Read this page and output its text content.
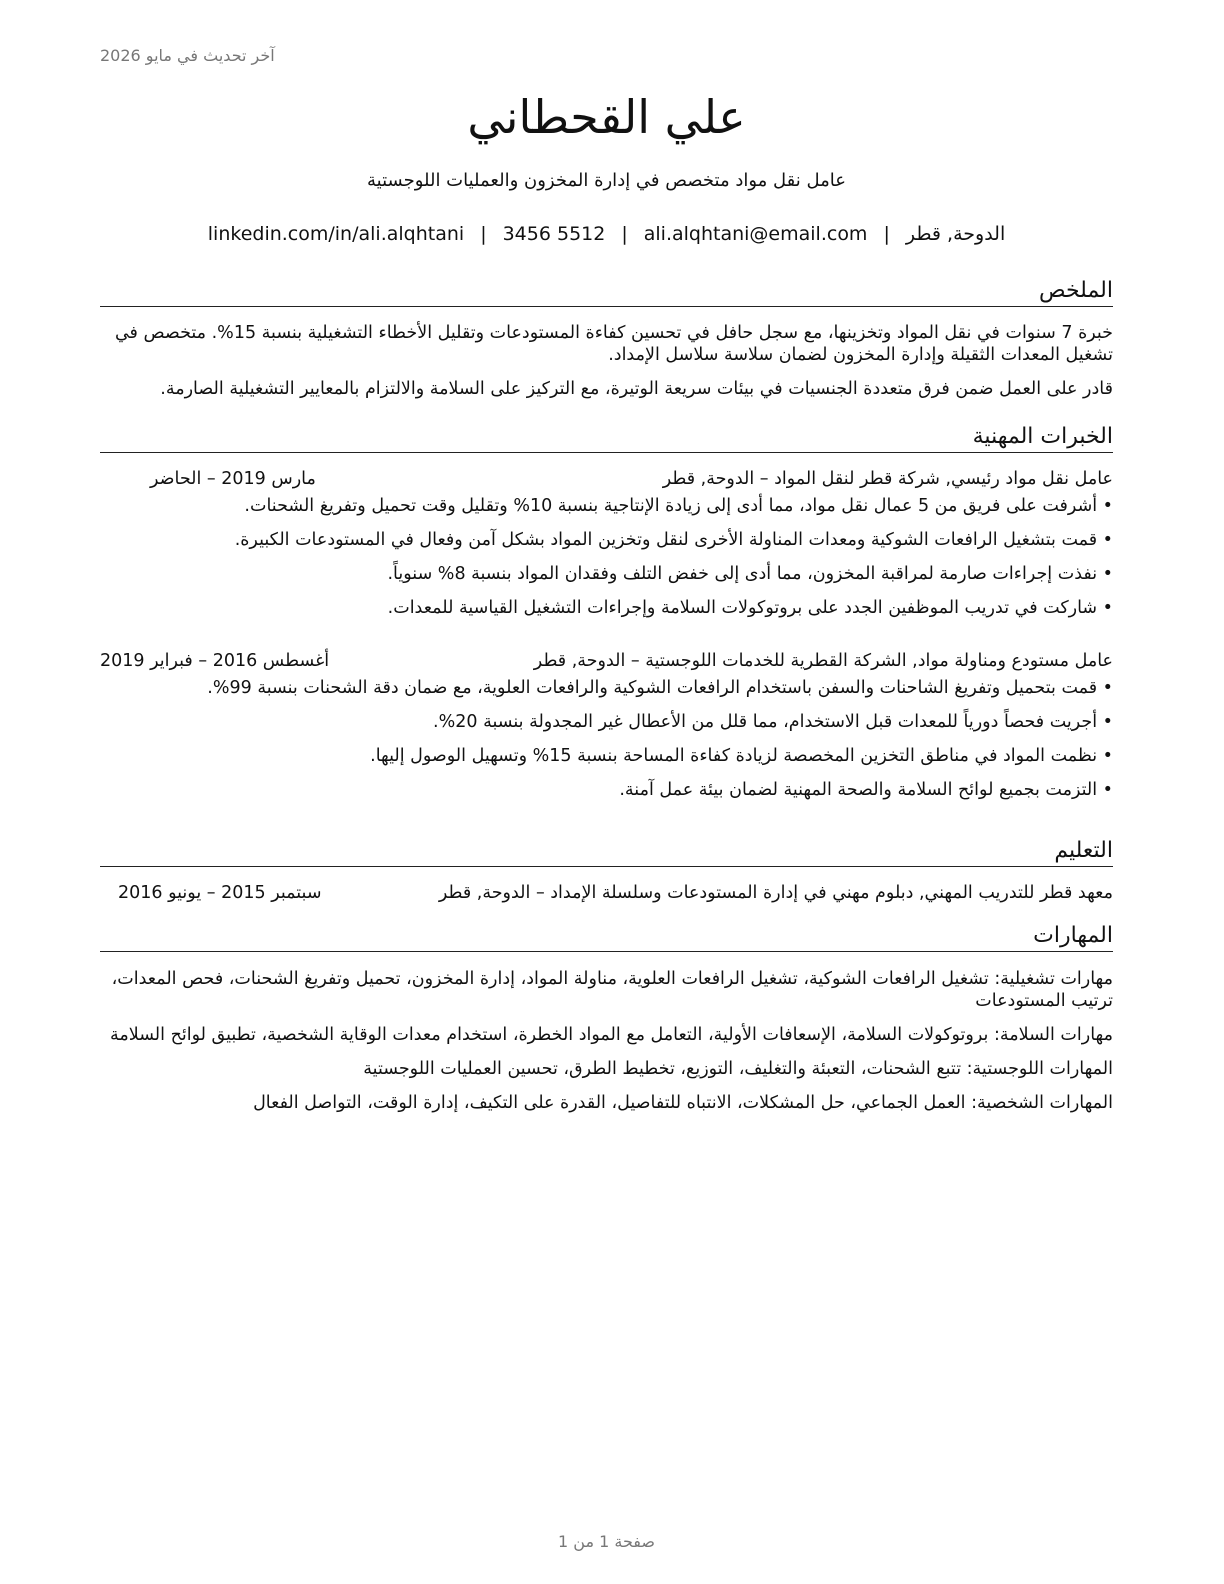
آخر تحديث في مايو 2026
علي القحطاني
عامل نقل مواد متخصص في إدارة المخزون والعمليات اللوجستية
الدوحة, قطر
|
ali.alqhtani@email.com
|
3456 5512
|
linkedin.com/in/ali.alqhtani
الملخص

خبرة 7 سنوات في نقل المواد وتخزينها، مع سجل حافل في تحسين كفاءة المستودعات وتقليل الأخطاء التشغيلية بنسبة 15%. متخصص في تشغيل المعدات الثقيلة وإدارة المخزون لضمان سلاسة سلاسل الإمداد.

قادر على العمل ضمن فرق متعددة الجنسيات في بيئات سريعة الوتيرة، مع التركيز على السلامة والالتزام بالمعايير التشغيلية الصارمة.

الخبرات المهنية
عامل نقل مواد رئيسي, شركة قطر لنقل المواد – الدوحة, قطر
مارس 2019 – الحاضر
• أشرفت على فريق من 5 عمال نقل مواد، مما أدى إلى زيادة الإنتاجية بنسبة 10% وتقليل وقت تحميل وتفريغ الشحنات.
• قمت بتشغيل الرافعات الشوكية ومعدات المناولة الأخرى لنقل وتخزين المواد بشكل آمن وفعال في المستودعات الكبيرة.
• نفذت إجراءات صارمة لمراقبة المخزون، مما أدى إلى خفض التلف وفقدان المواد بنسبة 8% سنوياً.
• شاركت في تدريب الموظفين الجدد على بروتوكولات السلامة وإجراءات التشغيل القياسية للمعدات.
عامل مستودع ومناولة مواد, الشركة القطرية للخدمات اللوجستية – الدوحة, قطر
أغسطس 2016 – فبراير 2019
• قمت بتحميل وتفريغ الشاحنات والسفن باستخدام الرافعات الشوكية والرافعات العلوية، مع ضمان دقة الشحنات بنسبة 99%.
• أجريت فحصاً دورياً للمعدات قبل الاستخدام، مما قلل من الأعطال غير المجدولة بنسبة 20%.
• نظمت المواد في مناطق التخزين المخصصة لزيادة كفاءة المساحة بنسبة 15% وتسهيل الوصول إليها.
• التزمت بجميع لوائح السلامة والصحة المهنية لضمان بيئة عمل آمنة.
التعليم
معهد قطر للتدريب المهني, دبلوم مهني في إدارة المستودعات وسلسلة الإمداد – الدوحة, قطر
سبتمبر 2015 – يونيو 2016
المهارات

مهارات تشغيلية: تشغيل الرافعات الشوكية، تشغيل الرافعات العلوية، مناولة المواد، إدارة المخزون، تحميل وتفريغ الشحنات، فحص المعدات، ترتيب المستودعات

مهارات السلامة: بروتوكولات السلامة، الإسعافات الأولية، التعامل مع المواد الخطرة، استخدام معدات الوقاية الشخصية، تطبيق لوائح السلامة

المهارات اللوجستية: تتبع الشحنات، التعبئة والتغليف، التوزيع، تخطيط الطرق، تحسين العمليات اللوجستية

المهارات الشخصية: العمل الجماعي، حل المشكلات، الانتباه للتفاصيل، القدرة على التكيف، إدارة الوقت، التواصل الفعال

صفحة 1 من 1
